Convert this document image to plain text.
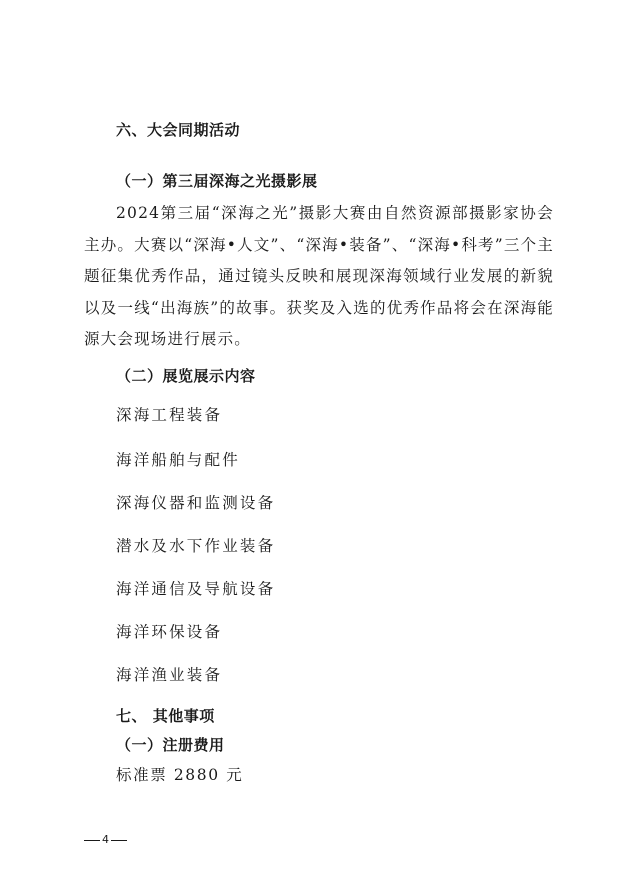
六、大会同期活动
（一）第三届深海之光摄影展
2024第三届“深海之光”摄影大赛由自然资源部摄影家协会主办。大赛以“深海•人文”、“深海•装备”、“深海•科考”三个主题征集优秀作品，通过镜头反映和展现深海领域行业发展的新貌以及一线“出海族”的故事。获奖及入选的优秀作品将会在深海能源大会现场进行展示。
（二）展览展示内容
深海工程装备
海洋船舶与配件
深海仪器和监测设备
潜水及水下作业装备
海洋通信及导航设备
海洋环保设备
海洋渔业装备
七、 其他事项
（一）注册费用
标准票 2880 元
4
